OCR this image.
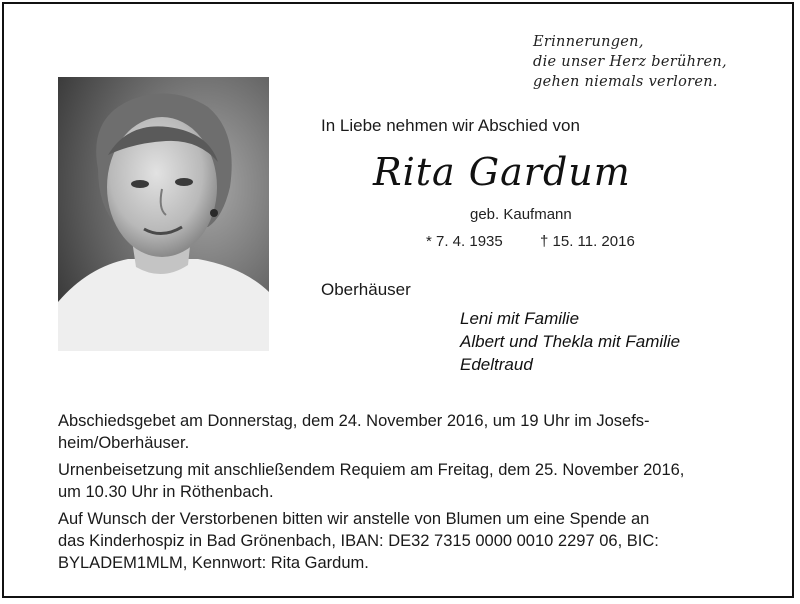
Erinnerungen,
die unser Herz berühren,
gehen niemals verloren.
In Liebe nehmen wir Abschied von
Rita Gardum
geb. Kaufmann
* 7. 4. 1935 † 15. 11. 2016
Oberhäuser
Leni mit Familie
Albert und Thekla mit Familie
Edeltraud
Abschiedsgebet am Donnerstag, dem 24. November 2016, um 19 Uhr im Josefs-
heim/Oberhäuser.
Urnenbeisetzung mit anschließendem Requiem am Freitag, dem 25. November 2016,
um 10.30 Uhr in Röthenbach.
Auf Wunsch der Verstorbenen bitten wir anstelle von Blumen um eine Spende an
das Kinderhospiz in Bad Grönenbach, IBAN: DE32 7315 0000 0010 2297 06, BIC:
BYLADEM1MLM, Kennwort: Rita Gardum.
